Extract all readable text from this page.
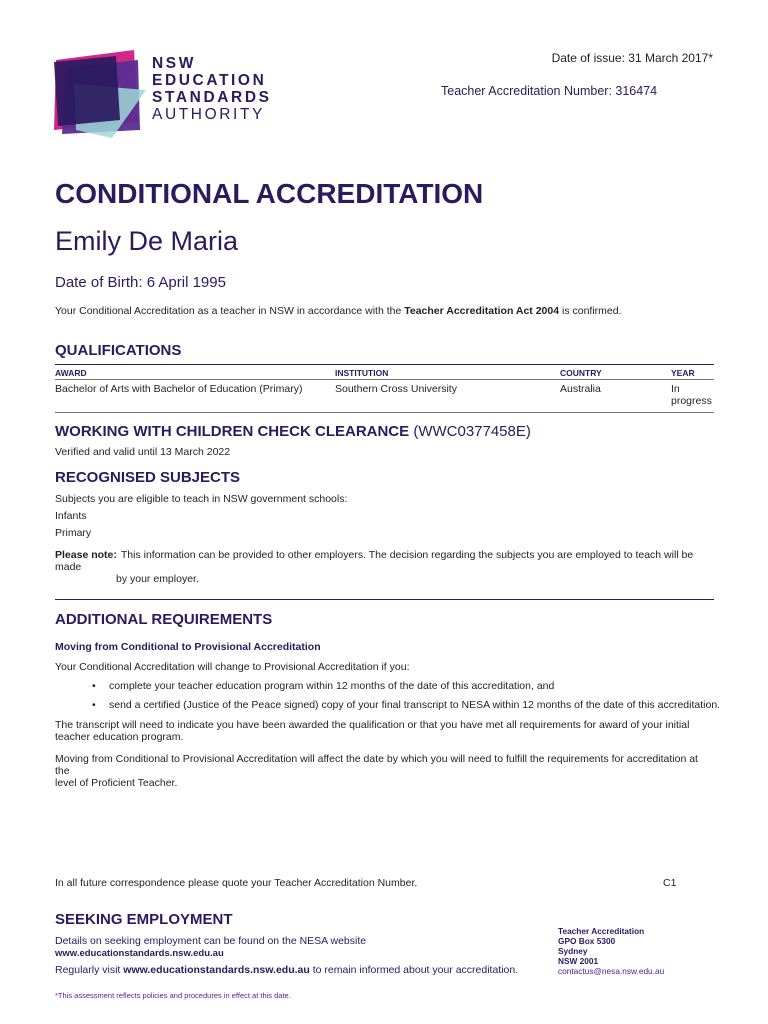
NSW
EDUCATION
STANDARDS
AUTHORITY
Date of issue: 31 March 2017*
Teacher Accreditation Number: 316474
CONDITIONAL ACCREDITATION
Emily De Maria
Date of Birth: 6 April 1995
Your Conditional Accreditation as a teacher in NSW in accordance with the Teacher Accreditation Act 2004 is confirmed.
QUALIFICATIONS
AWARD	INSTITUTION	COUNTRY	YEAR
Bachelor of Arts with Bachelor of Education (Primary)	Southern Cross University	Australia	In
progress
WORKING WITH CHILDREN CHECK CLEARANCE (WWC0377458E)
Verified and valid until 13 March 2022
RECOGNISED SUBJECTS
Subjects you are eligible to teach in NSW government schools:
Infants
Primary
Please note: This information can be provided to other employers. The decision regarding the subjects you are employed to teach will be made
by your employer.
ADDITIONAL REQUIREMENTS
Moving from Conditional to Provisional Accreditation
Your Conditional Accreditation will change to Provisional Accreditation if you:
• complete your teacher education program within 12 months of the date of this accreditation, and
• send a certified (Justice of the Peace signed) copy of your final transcript to NESA within 12 months of the date of this accreditation.
The transcript will need to indicate you have been awarded the qualification or that you have met all requirements for award of your initial
teacher education program.
Moving from Conditional to Provisional Accreditation will affect the date by which you will need to fulfill the requirements for accreditation at the
level of Proficient Teacher.
In all future correspondence please quote your Teacher Accreditation Number.	C1
SEEKING EMPLOYMENT
Details on seeking employment can be found on the NESA website
www.educationstandards.nsw.edu.au
Regularly visit www.educationstandards.nsw.edu.au to remain informed about your accreditation.
Teacher Accreditation
GPO Box 5300
Sydney
NSW 2001
contactus@nesa.nsw.edu.au
*This assessment reflects policies and procedures in effect at this date.
